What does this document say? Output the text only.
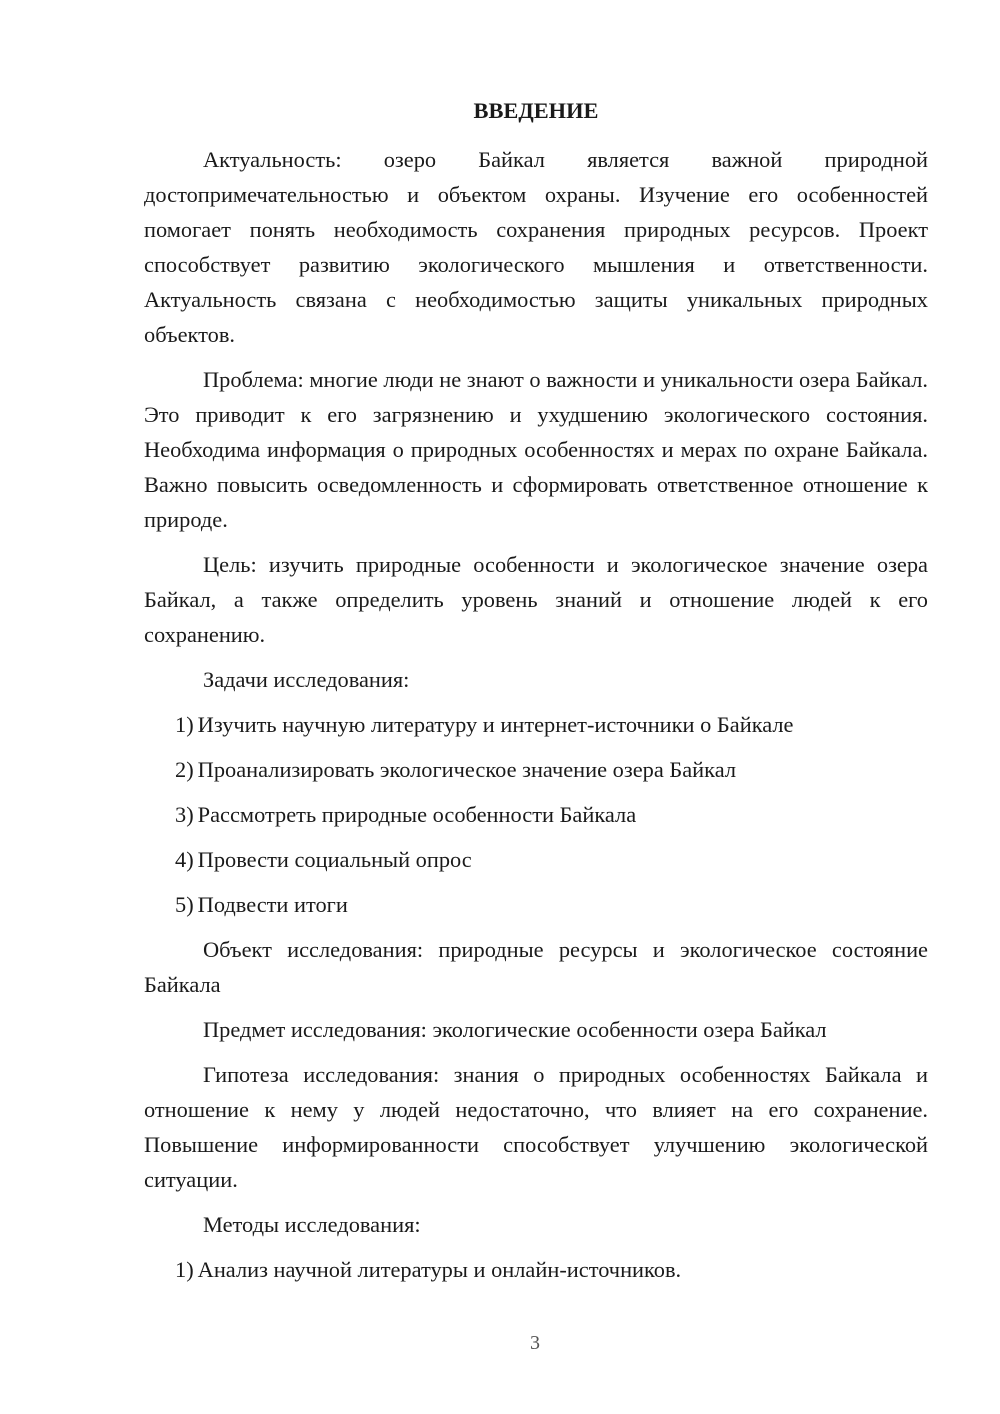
ВВЕДЕНИЕ

Актуальность: озеро Байкал является важной природной достопримечательностью и объектом охраны. Изучение его особенностей помогает понять необходимость сохранения природных ресурсов. Проект способствует развитию экологического мышления и ответственности. Актуальность связана с необходимостью защиты уникальных природных объектов.

Проблема: многие люди не знают о важности и уникальности озера Байкал. Это приводит к его загрязнению и ухудшению экологического состояния. Необходима информация о природных особенностях и мерах по охране Байкала. Важно повысить осведомленность и сформировать ответственное отношение к природе.

Цель: изучить природные особенности и экологическое значение озера Байкал, а также определить уровень знаний и отношение людей к его сохранению.

Задачи исследования:

1) Изучить научную литературу и интернет-источники о Байкале
2) Проанализировать экологическое значение озера Байкал
3) Рассмотреть природные особенности Байкала
4) Провести социальный опрос
5) Подвести итоги

Объект исследования: природные ресурсы и экологическое состояние Байкала

Предмет исследования: экологические особенности озера Байкал

Гипотеза исследования: знания о природных особенностях Байкала и отношение к нему у людей недостаточно, что влияет на его сохранение. Повышение информированности способствует улучшению экологической ситуации.

Методы исследования:

1) Анализ научной литературы и онлайн-источников.
3
